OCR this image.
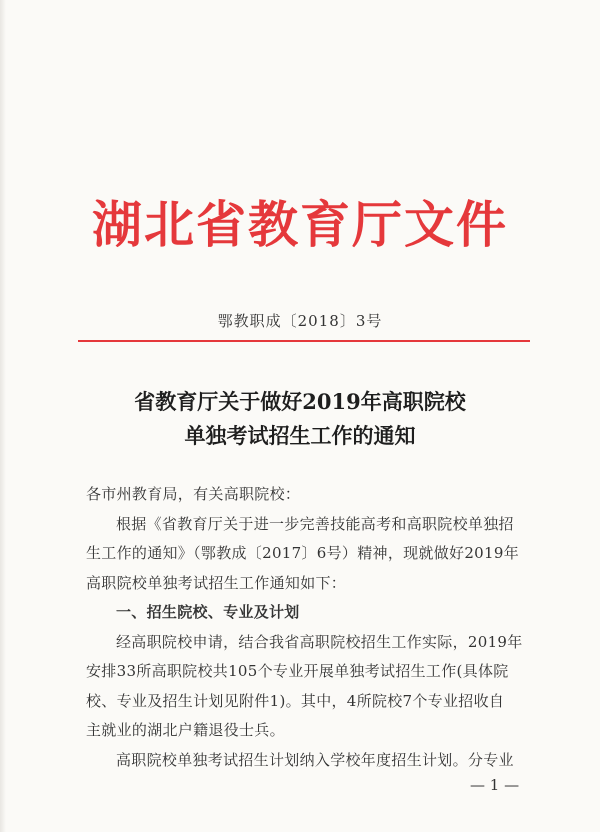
湖北省教育厅文件
鄂教职成〔2018〕3号
省教育厅关于做好2019年高职院校
单独考试招生工作的通知

各市州教育局，有关高职院校：

根据《省教育厅关于进一步完善技能高考和高职院校单独招

生工作的通知》（鄂教成〔2017〕6号）精神，现就做好2019年

高职院校单独考试招生工作通知如下：

一、招生院校、专业及计划

经高职院校申请，结合我省高职院校招生工作实际，2019年

安排33所高职院校共105个专业开展单独考试招生工作(具体院

校、专业及招生计划见附件1)。其中，4所院校7个专业招收自

主就业的湖北户籍退役士兵。

高职院校单独考试招生计划纳入学校年度招生计划。分专业

— 1 —
